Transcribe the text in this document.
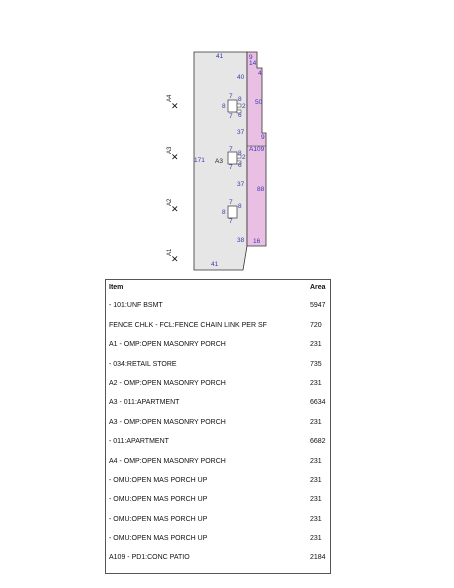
41	9
14
4
40
50
37
9
171
A109
37
88
38 16
41
A3
7 8
8
7 6
2
7
8
7 6
2
7
8
8
7
A4
✕
A3
✕
A2
✕
A1
✕
Item	Area
- 101:UNF BSMT	5947
FENCE CHLK - FCL:FENCE CHAIN LINK PER SF	720
A1 - OMP:OPEN MASONRY PORCH	231
- 034:RETAIL STORE	735
A2 - OMP:OPEN MASONRY PORCH	231
A3 - 011:APARTMENT	6634
A3 - OMP:OPEN MASONRY PORCH	231
- 011:APARTMENT	6682
A4 - OMP:OPEN MASONRY PORCH	231
- OMU:OPEN MAS PORCH UP	231
- OMU:OPEN MAS PORCH UP	231
- OMU:OPEN MAS PORCH UP	231
- OMU:OPEN MAS PORCH UP	231
A109 - PD1:CONC PATIO	2184
